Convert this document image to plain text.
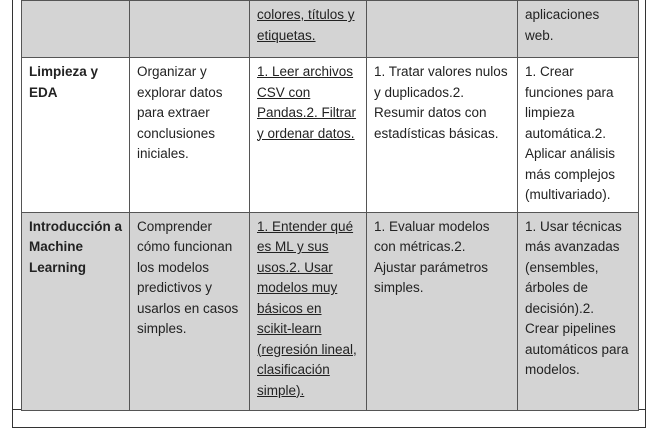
		colores, títulos y etiquetas.		aplicaciones web.
Limpieza y EDA	Organizar y explorar datos para extraer conclusiones iniciales.	1. Leer archivos CSV con Pandas.2. Filtrar y ordenar datos.	1. Tratar valores nulos y duplicados.2. Resumir datos con estadísticas básicas.	1. Crear funciones para limpieza automática.2. Aplicar análisis más complejos (multivariado).
Introducción a Machine Learning	Comprender cómo funcionan los modelos predictivos y usarlos en casos simples.	1. Entender qué es ML y sus usos.2. Usar modelos muy básicos en scikit-learn (regresión lineal, clasificación simple).	1. Evaluar modelos con métricas.2. Ajustar parámetros simples.	1. Usar técnicas más avanzadas (ensembles, árboles de decisión).2. Crear pipelines automáticos para modelos.
